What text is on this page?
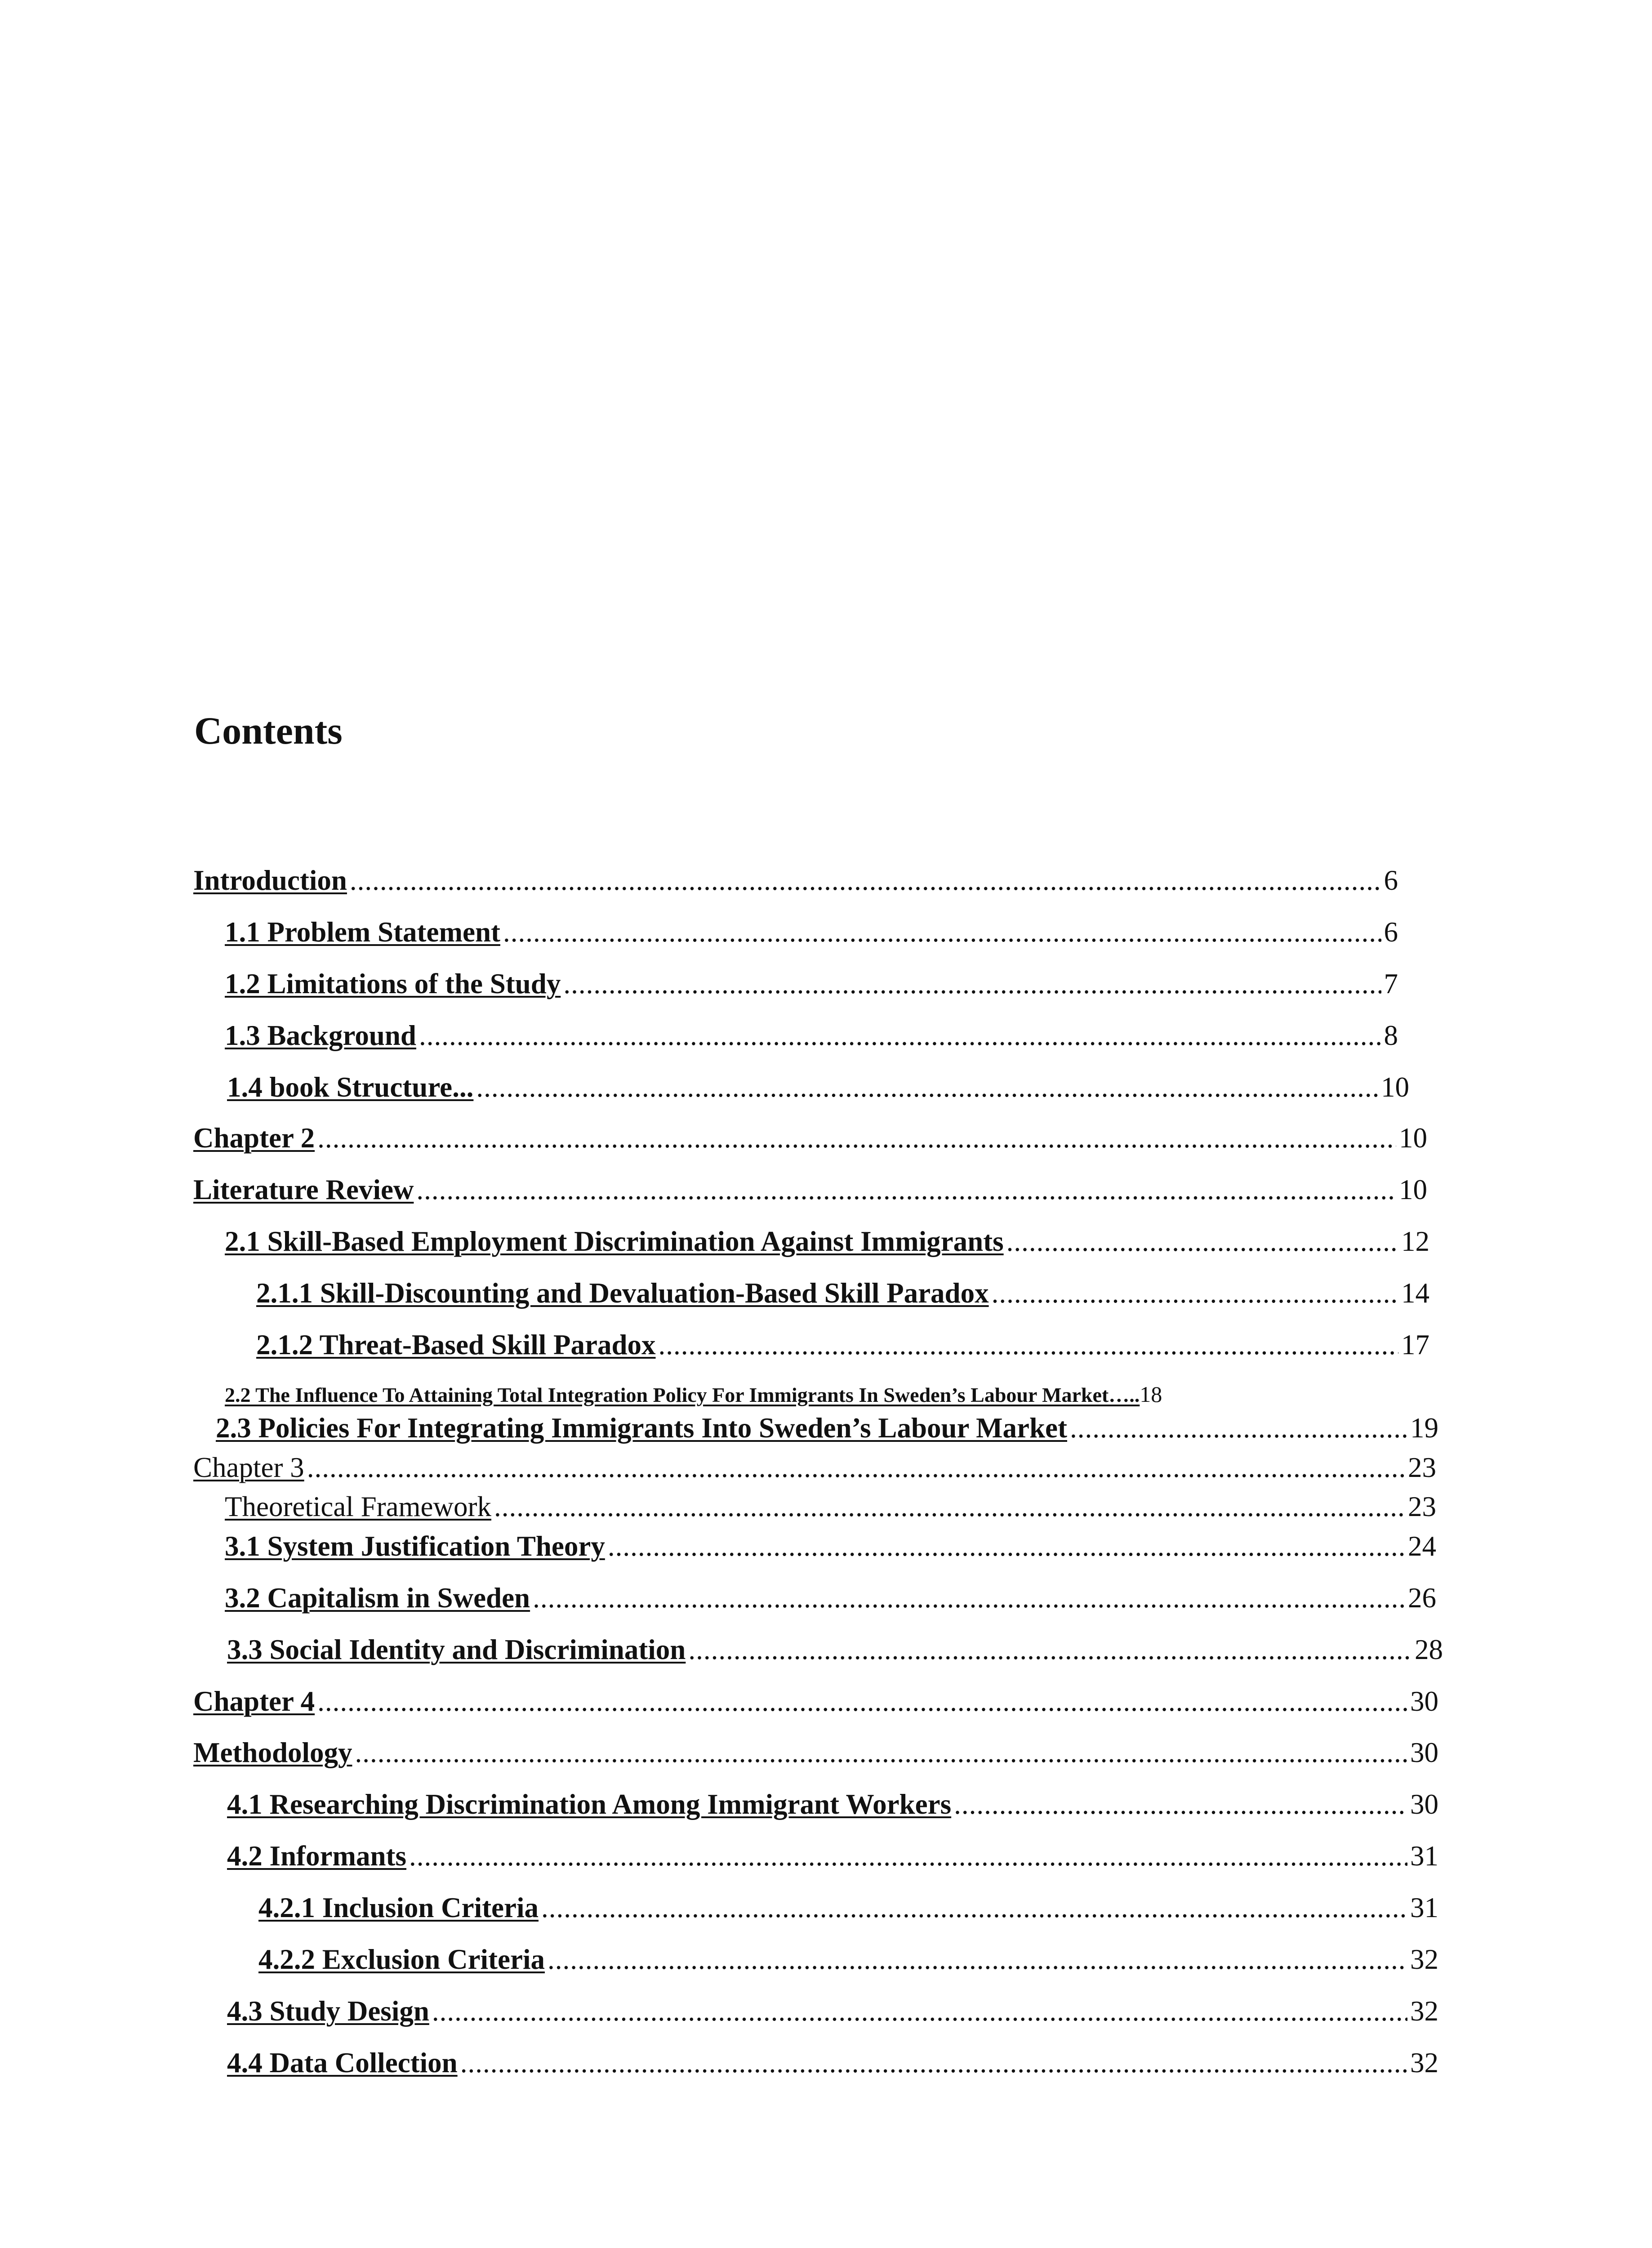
Contents
Introduction .....	6
1.1 Problem Statement .....	6
1.2 Limitations of the Study .....	7
1.3 Background .....	8
1.4 book Structure... .....	10
Chapter 2 .....	10
Literature Review .....	10
2.1 Skill-Based Employment Discrimination Against Immigrants .....	12
2.1.1 Skill-Discounting and Devaluation-Based Skill Paradox .....	14
2.1.2 Threat-Based Skill Paradox .....	17
2.2 The Influence To Attaining Total Integration Policy For Immigrants In Sweden’s Labour Market….. 18
2.3 Policies For Integrating Immigrants Into Sweden’s Labour Market .....	19
Chapter 3 .....	23
Theoretical Framework .....	23
3.1 System Justification Theory .....	24
3.2 Capitalism in Sweden .....	26
3.3 Social Identity and Discrimination .....	28
Chapter 4 .....	30
Methodology .....	30
4.1 Researching Discrimination Among Immigrant Workers .....	30
4.2 Informants .....	31
4.2.1 Inclusion Criteria .....	31
4.2.2 Exclusion Criteria .....	32
4.3 Study Design .....	32
4.4 Data Collection .....	32
